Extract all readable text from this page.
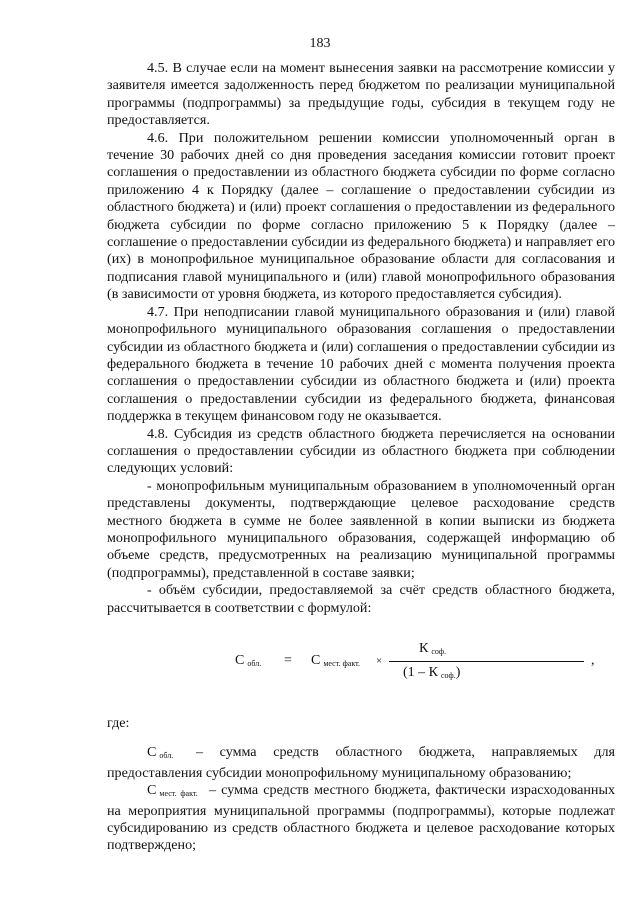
183

4.5. В случае если на момент вынесения заявки на рассмотрение комиссии у заявителя имеется задолженность перед бюджетом по реализации муниципальной программы (подпрограммы) за предыдущие годы, субсидия в текущем году не предоставляется.

4.6. При положительном решении комиссии уполномоченный орган в течение 30 рабочих дней со дня проведения заседания комиссии готовит проект соглашения о предоставлении из областного бюджета субсидии по форме согласно приложению 4 к Порядку (далее – соглашение о предоставлении субсидии из областного бюджета) и (или) проект соглашения о предоставлении из федерального бюджета субсидии по форме согласно приложению 5 к Порядку (далее – соглашение о предоставлении субсидии из федерального бюджета) и направляет его (их) в монопрофильное муниципальное образование области для согласования и подписания главой муниципального и (или) главой монопрофильного образования (в зависимости от уровня бюджета, из которого предоставляется субсидия).

4.7. При неподписании главой муниципального образования и (или) главой монопрофильного муниципального образования соглашения о предоставлении субсидии из областного бюджета и (или) соглашения о предоставлении субсидии из федерального бюджета в течение 10 рабочих дней с момента получения проекта соглашения о предоставлении субсидии из областного бюджета и (или) проекта соглашения о предоставлении субсидии из федерального бюджета, финансовая поддержка в текущем финансовом году не оказывается.

4.8. Субсидия из средств областного бюджета перечисляется на основании соглашения о предоставлении субсидии из областного бюджета при соблюдении следующих условий:

- монопрофильным муниципальным образованием в уполномоченный орган представлены документы, подтверждающие целевое расходование средств местного бюджета в сумме не более заявленной в копии выписки из бюджета монопрофильного муниципального образования, содержащей информацию об объеме средств, предусмотренных на реализацию муниципальной программы (подпрограммы), представленной в составе заявки;

- объём субсидии, предоставляемой за счёт средств областного бюджета, рассчитывается в соответствии с формулой:

С $_{обл.}$ = С $_{мест. факт.}$ ×
Ксоф.
(1 – К соф.)
,

где:

С $_{обл.}$ – сумма средств областного бюджета, направляемых для предоставления субсидии монопрофильному муниципальному образованию;

С $_{мест. факт.}$ – сумма средств местного бюджета, фактически израсходованных на мероприятия муниципальной программы (подпрограммы), которые подлежат субсидированию из средств областного бюджета и целевое расходование которых подтверждено;
